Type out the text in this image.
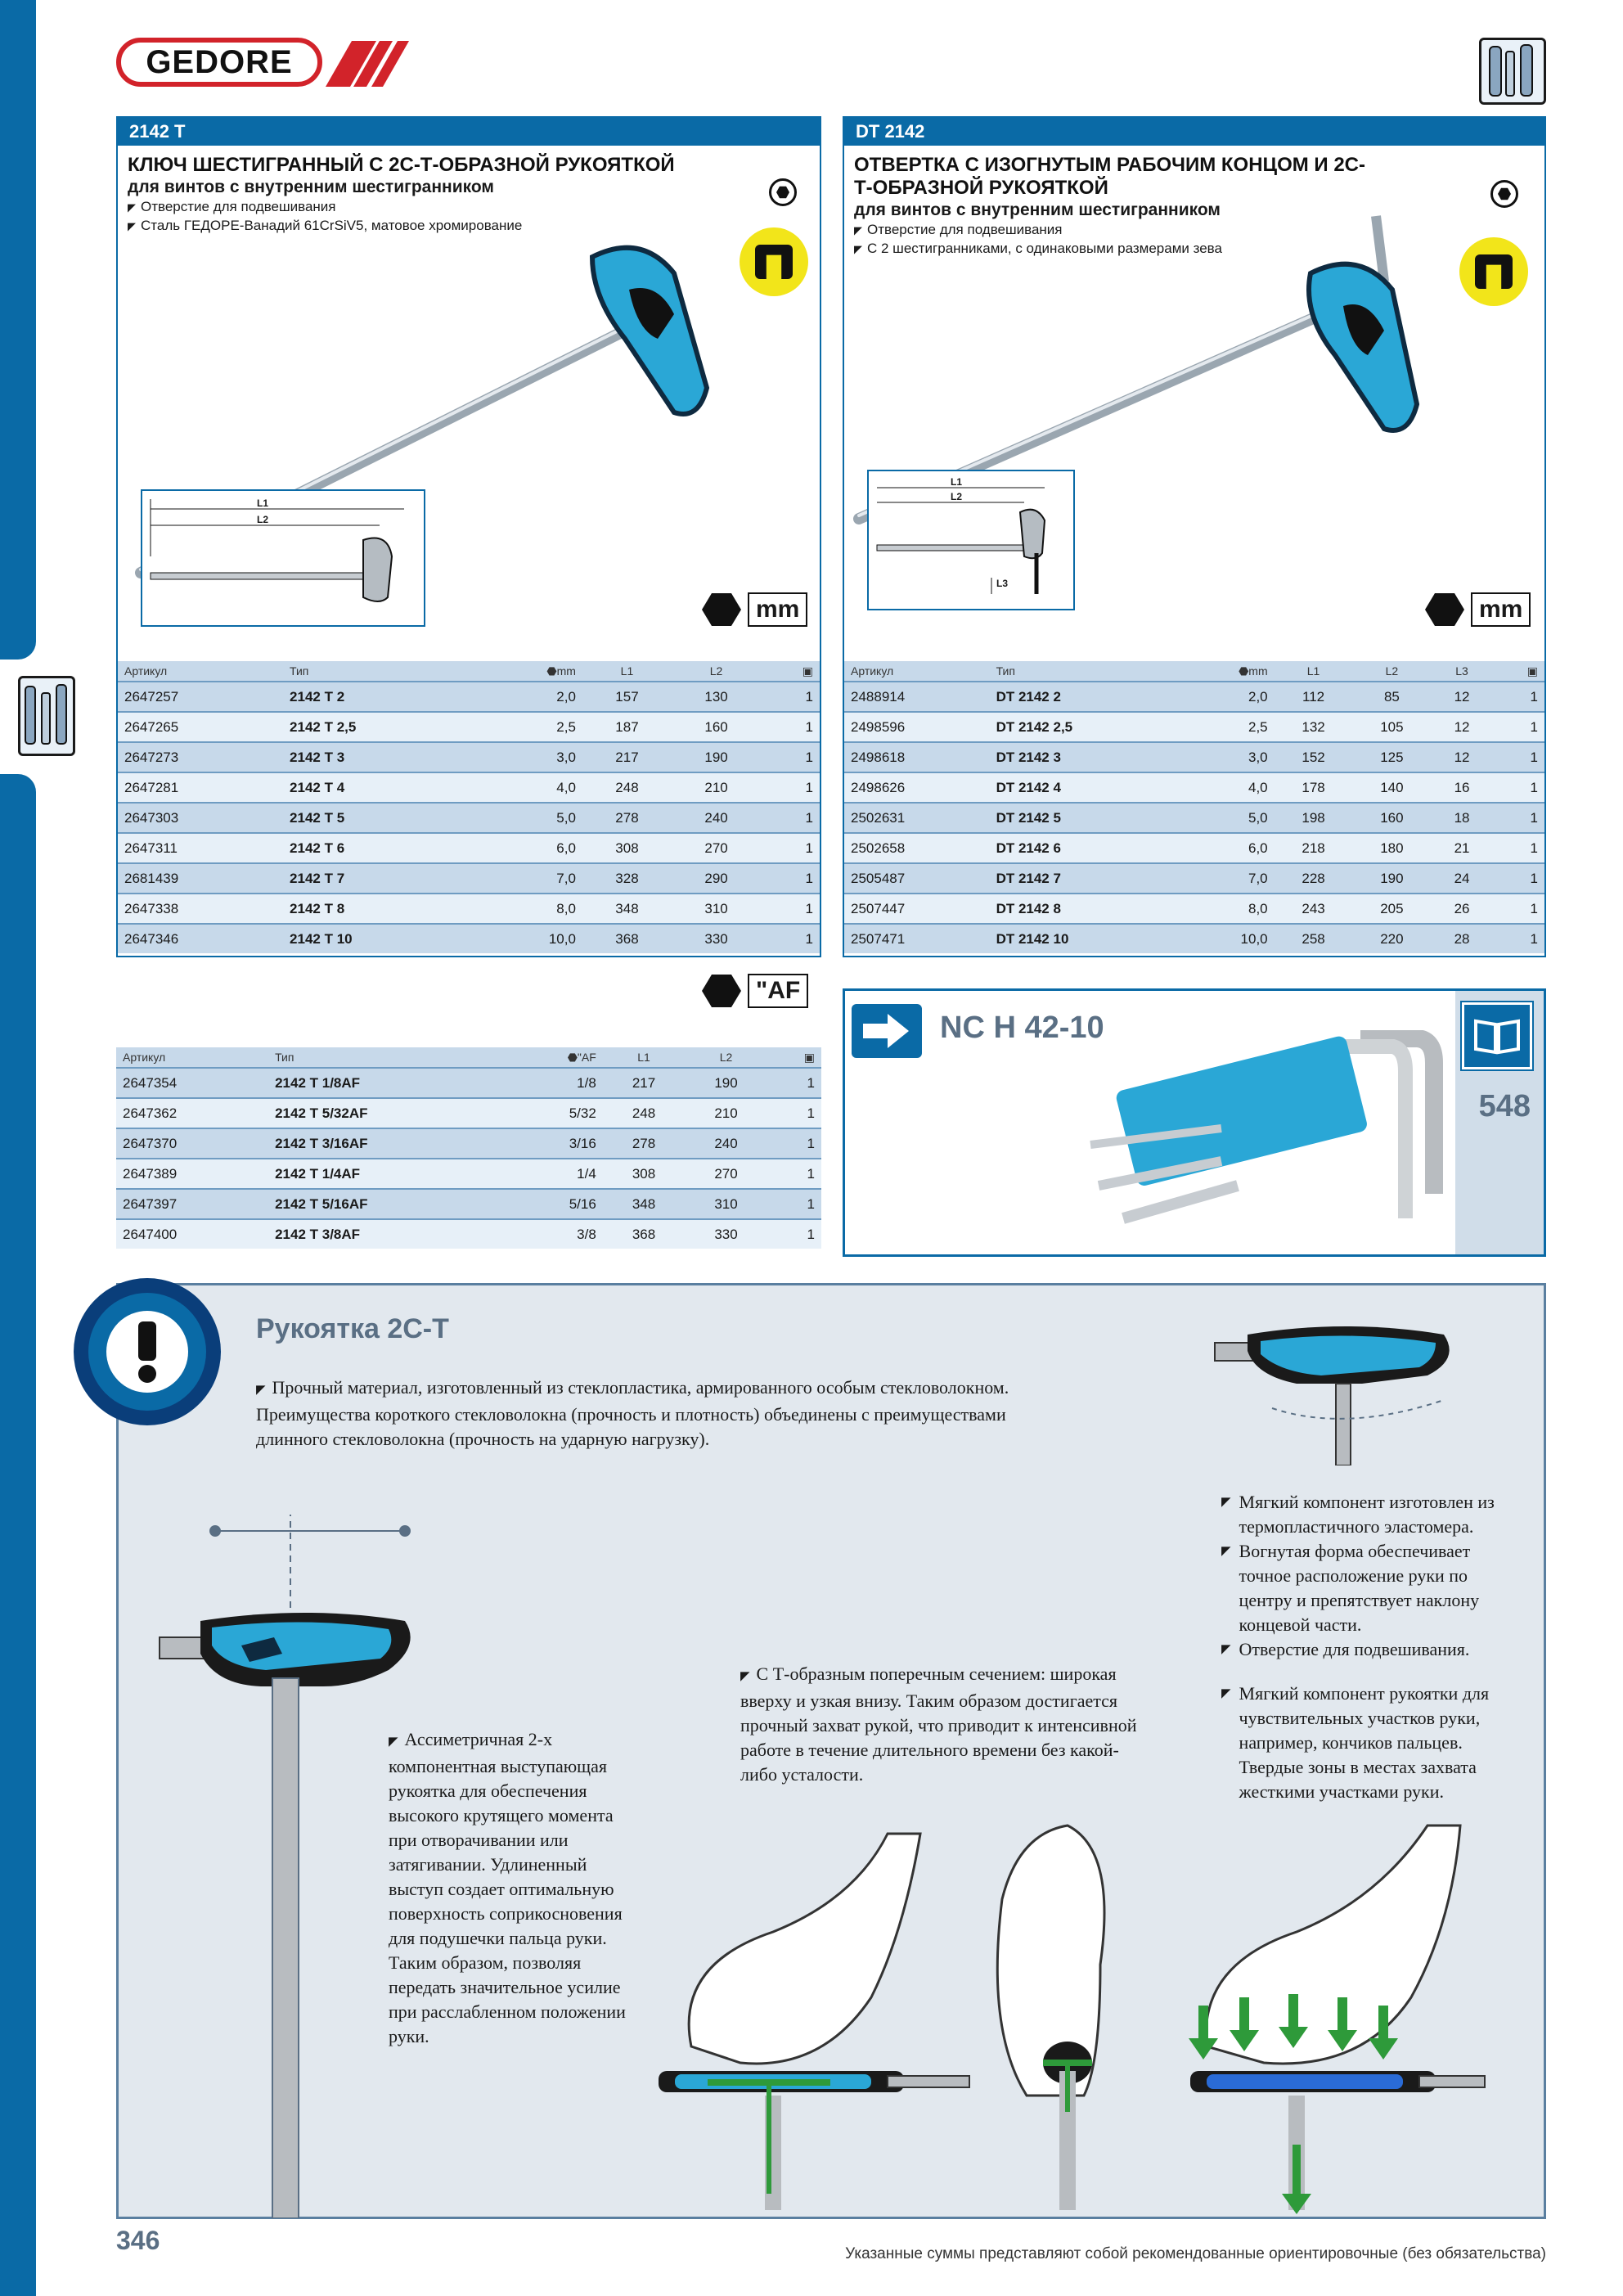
GEDORE
2142 T
КЛЮЧ ШЕСТИГРАННЫЙ С 2С-Т-ОБРАЗНОЙ РУКОЯТКОЙ
для винтов с внутренним шестигранником
◤ Отверстие для подвешивания
◤ Сталь ГЕДОРЕ-Ванадий 61CrSiV5, матовое хромирование
L1
L2
mm
Артикул	Тип	⬣mm	L1	L2	▣
2647257	2142 T 2	2,0	157	130	1
2647265	2142 T 2,5	2,5	187	160	1
2647273	2142 T 3	3,0	217	190	1
2647281	2142 T 4	4,0	248	210	1
2647303	2142 T 5	5,0	278	240	1
2647311	2142 T 6	6,0	308	270	1
2681439	2142 T 7	7,0	328	290	1
2647338	2142 T 8	8,0	348	310	1
2647346	2142 T 10	10,0	368	330	1
"AF
Артикул	Тип	⬣"AF	L1	L2	▣
2647354	2142 T 1/8AF	1/8	217	190	1
2647362	2142 T 5/32AF	5/32	248	210	1
2647370	2142 T 3/16AF	3/16	278	240	1
2647389	2142 T 1/4AF	1/4	308	270	1
2647397	2142 T 5/16AF	5/16	348	310	1
2647400	2142 T 3/8AF	3/8	368	330	1
DT 2142
ОТВЕРТКА С ИЗОГНУТЫМ РАБОЧИМ КОНЦОМ И 2С-Т-ОБРАЗНОЙ РУКОЯТКОЙ
для винтов с внутренним шестигранником
◤ Отверстие для подвешивания
◤ С 2 шестигранниками, с одинаковыми размерами зева
L1
L2
L3
mm
Артикул	Тип	⬣mm	L1	L2	L3	▣
2488914	DT 2142 2	2,0	112	85	12	1
2498596	DT 2142 2,5	2,5	132	105	12	1
2498618	DT 2142 3	3,0	152	125	12	1
2498626	DT 2142 4	4,0	178	140	16	1
2502631	DT 2142 5	5,0	198	160	18	1
2502658	DT 2142 6	6,0	218	180	21	1
2505487	DT 2142 7	7,0	228	190	24	1
2507447	DT 2142 8	8,0	243	205	26	1
2507471	DT 2142 10	10,0	258	220	28	1
NC H 42-10
548
Рукоятка 2С-Т
◤ Прочный материал, изготовленный из стеклопластика, армированного особым стекловолокном. Преимущества короткого стекловолокна (прочность и плотность) объединены с преимуществами длинного стекловолокна (прочность на ударную нагрузку).
◤ Ассиметричная 2-х компонентная выступающая рукоятка для обеспечения высокого крутящего момента при отворачивании или затягивании. Удлиненный выступ создает оптимальную поверхность соприкосновения для подушечки пальца руки. Таким образом, позволяя передать значительное усилие при расслабленном положении руки.
◤ Мягкий компонент изготовлен из термопластичного эластомера.
◤ Вогнутая форма обеспечивает точное расположение руки по центру и препятствует наклону концевой части.
◤ Отверстие для подвешивания.
◤ Мягкий компонент рукоятки для чувствительных участков руки, например, кончиков пальцев. Твердые зоны в местах захвата жесткими участками руки.
◤ С Т-образным поперечным сечением: широкая вверху и узкая внизу. Таким образом достигается прочный захват рукой, что приводит к интенсивной работе в течение длительного времени без какой-либо усталости.
346	Указанные суммы представляют собой рекомендованные ориентировочные (без обязательства)
